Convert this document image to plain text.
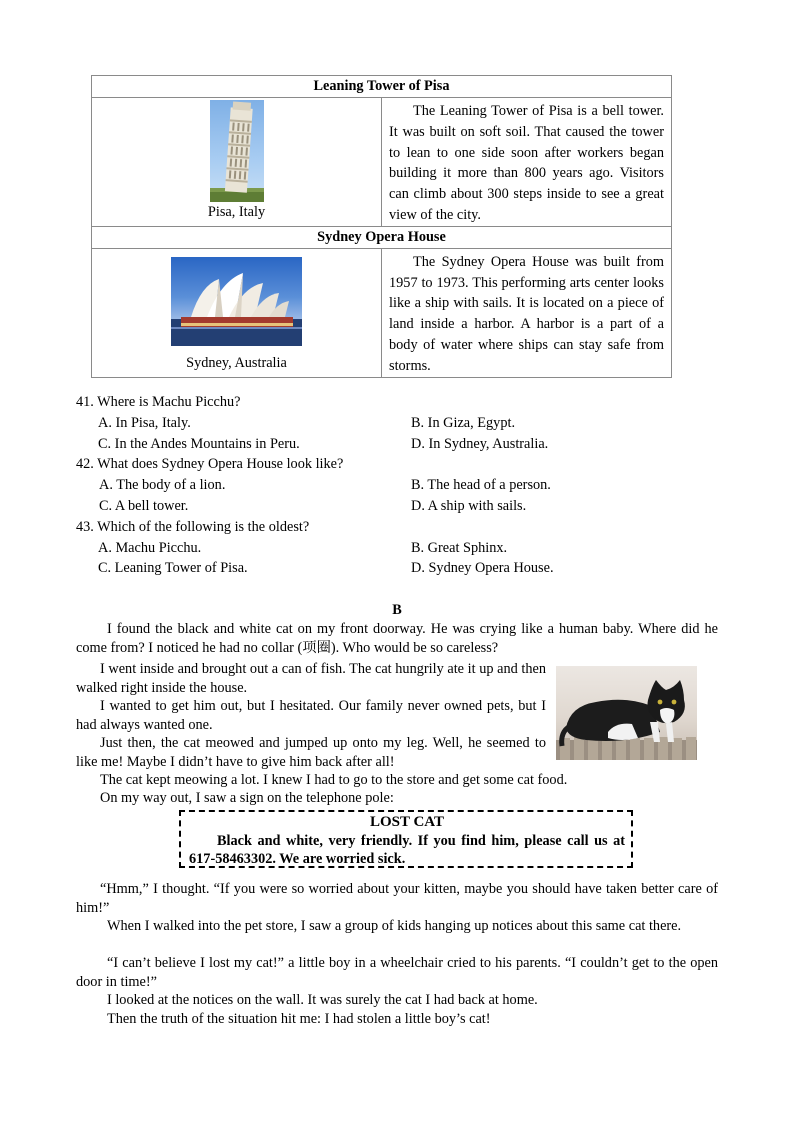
Leaning Tower of Pisa	

Pisa, Italy	The Leaning Tower of Pisa is a bell tower. It was built on soft soil. That caused the tower to lean to one side soon after workers began building it more than 800 years ago. Visitors can climb about 300 steps inside to see a great view of the city.
Sydney Opera House	

Sydney, Australia	The Sydney Opera House was built from 1957 to 1973. This performing arts center looks like a ship with sails. It is located on a piece of land inside a harbor. A harbor is a part of a body of water where ships can stay safe from storms.
41. Where is Machu Picchu?
A. In Pisa, Italy.	B. In Giza, Egypt.
C. In the Andes Mountains in Peru.	D. In Sydney, Australia.
42. What does Sydney Opera House look like?
A. The body of a lion.	B. The head of a person.
C. A bell tower.	D. A ship with sails.
43. Which of the following is the oldest?
A. Machu Picchu.	B. Great Sphinx.
C. Leaning Tower of Pisa.	D. Sydney Opera House.
B

I found the black and white cat on my front doorway. He was crying like a human baby. Where did he come from? I noticed he had no collar (项圈). Who would be so careless?

I went inside and brought out a can of fish. The cat hungrily ate it up and then walked right inside the house.

I wanted to get him out, but I hesitated. Our family never owned pets, but I had always wanted one.

Just then, the cat meowed and jumped up onto my leg. Well, he seemed to like me! Maybe I didn’t have to give him back after all!

The cat kept meowing a lot. I knew I had to go to the store and get some cat food.

On my way out, I saw a sign on the telephone pole:

LOST CAT
Black and white, very friendly. If you find him, please call us at 617-58463302. We are worried sick.

“Hmm,” I thought. “If you were so worried about your kitten, maybe you should have taken better care of him!”

When I walked into the pet store, I saw a group of kids hanging up notices about this same cat there.

“I can’t believe I lost my cat!” a little boy in a wheelchair cried to his parents. “I couldn’t get to the open door in time!”

I looked at the notices on the wall. It was surely the cat I had back at home.

Then the truth of the situation hit me: I had stolen a little boy’s cat!
